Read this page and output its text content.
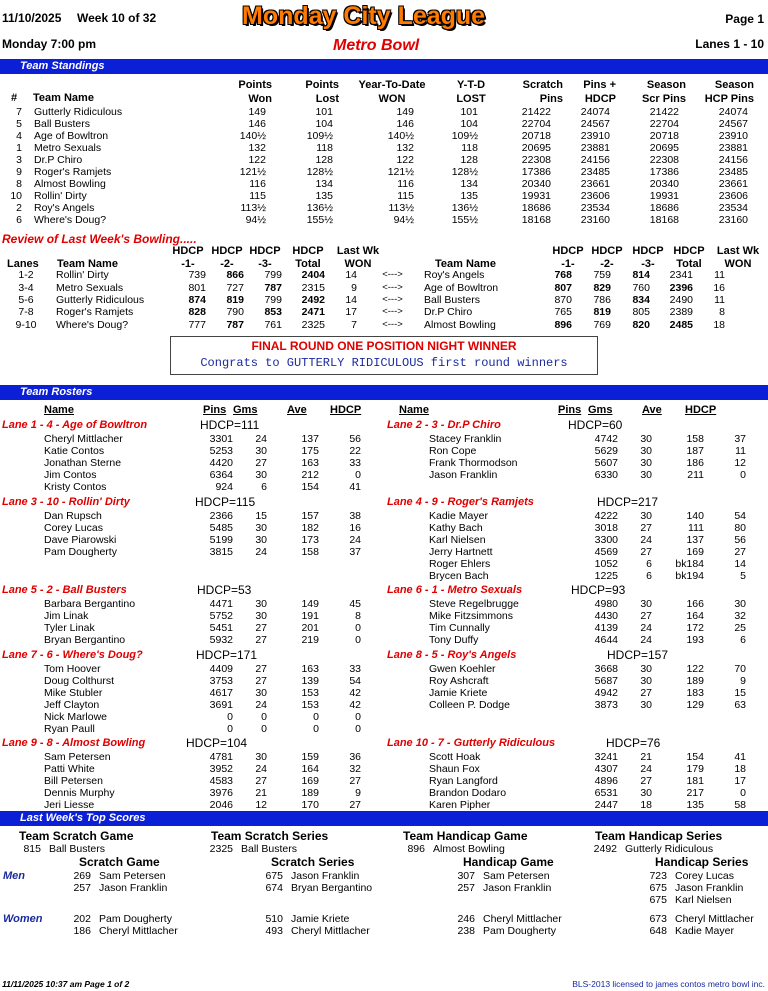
11/10/2025 Week 10 of 32	Monday City League	Page 1
Monday 7:00 pm	Metro Bowl	Lanes 1 - 10
Team Standings
# Team Name
Points
Won
Points
Lost
Year-To-Date
WON
Y-T-D
LOST
Scratch
Pins
Pins +
HDCP
Season
Scr Pins
Season
HCP Pins
7	Gutterly Ridiculous	149	101	149	101	21422	24074	21422	24074
5	Ball Busters	146	104	146	104	22704	24567	22704	24567
4	Age of Bowltron	140½	109½	140½	109½	20718	23910	20718	23910
1	Metro Sexuals	132	118	132	118	20695	23881	20695	23881
3	Dr.P Chiro	122	128	122	128	22308	24156	22308	24156
9	Roger's Ramjets	121½	128½	121½	128½	17386	23485	17386	23485
8	Almost Bowling	116	134	116	134	20340	23661	20340	23661
10	Rollin' Dirty	115	135	115	135	19931	23606	19931	23606
2	Roy's Angels	113½	136½	113½	136½	18686	23534	18686	23534
6	Where's Doug?	94½	155½	94½	155½	18168	23160	18168	23160
Review of Last Week's Bowling.....
Lanes Team Name
HDCP
-1-
HDCP
-2-
HDCP
-3-
HDCP
Total
Last Wk
WON	Team Name
HDCP
-1-
HDCP
-2-
HDCP
-3-
HDCP
Total
Last Wk
WON
1-2	Rollin' Dirty	739	866	799	2404	14	<--->	Roy's Angels	768	759	814	2341	11
3-4	Metro Sexuals	801	727	787	2315	9	<--->	Age of Bowltron	807	829	760	2396	16
5-6	Gutterly Ridiculous	874	819	799	2492	14	<--->	Ball Busters	870	786	834	2490	11
7-8	Roger's Ramjets	828	790	853	2471	17	<--->	Dr.P Chiro	765	819	805	2389	8
9-10	Where's Doug?	777	787	761	2325	7	<--->	Almost Bowling	896	769	820	2485	18
FINAL ROUND ONE POSITION NIGHT WINNER
Congrats to GUTTERLY RIDICULOUS first round winners
Team Rosters
Name	Pins Gms	Ave HDCP	Name	Pins Gms	Ave HDCP
Lane 1 - 4 - Age of Bowltron	HDCP=111
Cheryl Mittlacher	3301	24	137	56
Katie Contos	5253	30	175	22
Jonathan Sterne	4420	27	163	33
Jim Contos	6364	30	212	0
Kristy Contos	924	6	154	41
Lane 2 - 3 - Dr.P Chiro	HDCP=60
Stacey Franklin	4742	30	158	37
Ron Cope	5629	30	187	11
Frank Thormodson	5607	30	186	12
Jason Franklin	6330	30	211	0
Lane 3 - 10 - Rollin' Dirty	HDCP=115
Dan Rupsch	2366	15	157	38
Corey Lucas	5485	30	182	16
Dave Piarowski	5199	30	173	24
Pam Dougherty	3815	24	158	37
Lane 4 - 9 - Roger's Ramjets	HDCP=217
Kadie Mayer	4222	30	140	54
Kathy Bach	3018	27	111	80
Karl Nielsen	3300	24	137	56
Jerry Hartnett	4569	27	169	27
Roger Ehlers	1052	6	bk184	14
Brycen Bach	1225	6	bk194	5
Lane 5 - 2 - Ball Busters	HDCP=53
Barbara Bergantino	4471	30	149	45
Jim Linak	5752	30	191	8
Tyler Linak	5451	27	201	0
Bryan Bergantino	5932	27	219	0
Lane 6 - 1 - Metro Sexuals	HDCP=93
Steve Regelbrugge	4980	30	166	30
Mike Fitzsimmons	4430	27	164	32
Tim Cunnally	4139	24	172	25
Tony Duffy	4644	24	193	6
Lane 7 - 6 - Where's Doug?	HDCP=171
Tom Hoover	4409	27	163	33
Doug Colthurst	3753	27	139	54
Mike Stubler	4617	30	153	42
Jeff Clayton	3691	24	153	42
Nick Marlowe	0	0	0	0
Ryan Paull	0	0	0	0
Lane 8 - 5 - Roy's Angels	HDCP=157
Gwen Koehler	3668	30	122	70
Roy Ashcraft	5687	30	189	9
Jamie Kriete	4942	27	183	15
Colleen P. Dodge	3873	30	129	63
Lane 9 - 8 - Almost Bowling	HDCP=104
Sam Petersen	4781	30	159	36
Patti White	3952	24	164	32
Bill Petersen	4583	27	169	27
Dennis Murphy	3976	21	189	9
Jeri Liesse	2046	12	170	27
Lane 10 - 7 - Gutterly Ridiculous	HDCP=76
Scott Hoak	3241	21	154	41
Shaun Fox	4307	24	179	18
Ryan Langford	4896	27	181	17
Brandon Dodaro	6531	30	217	0
Karen Pipher	2447	18	135	58
Last Week's Top Scores
Team Scratch Game
815 Ball Busters
Scratch Game
269 Sam Petersen
257 Jason Franklin
202 Pam Dougherty
186 Cheryl Mittlacher
Team Scratch Series
2325 Ball Busters
Scratch Series
675 Jason Franklin
674 Bryan Bergantino
510 Jamie Kriete
493 Cheryl Mittlacher
Team Handicap Game
896 Almost Bowling
Handicap Game
307 Sam Petersen
257 Jason Franklin
246 Cheryl Mittlacher
238 Pam Dougherty
Team Handicap Series
2492 Gutterly Ridiculous
Handicap Series
723 Corey Lucas
675 Jason Franklin
675 Karl Nielsen
673 Cheryl Mittlacher
648 Kadie Mayer
Men
Women
11/11/2025 10:37 am Page 1 of 2	BLS-2013 licensed to james contos metro bowl inc.
